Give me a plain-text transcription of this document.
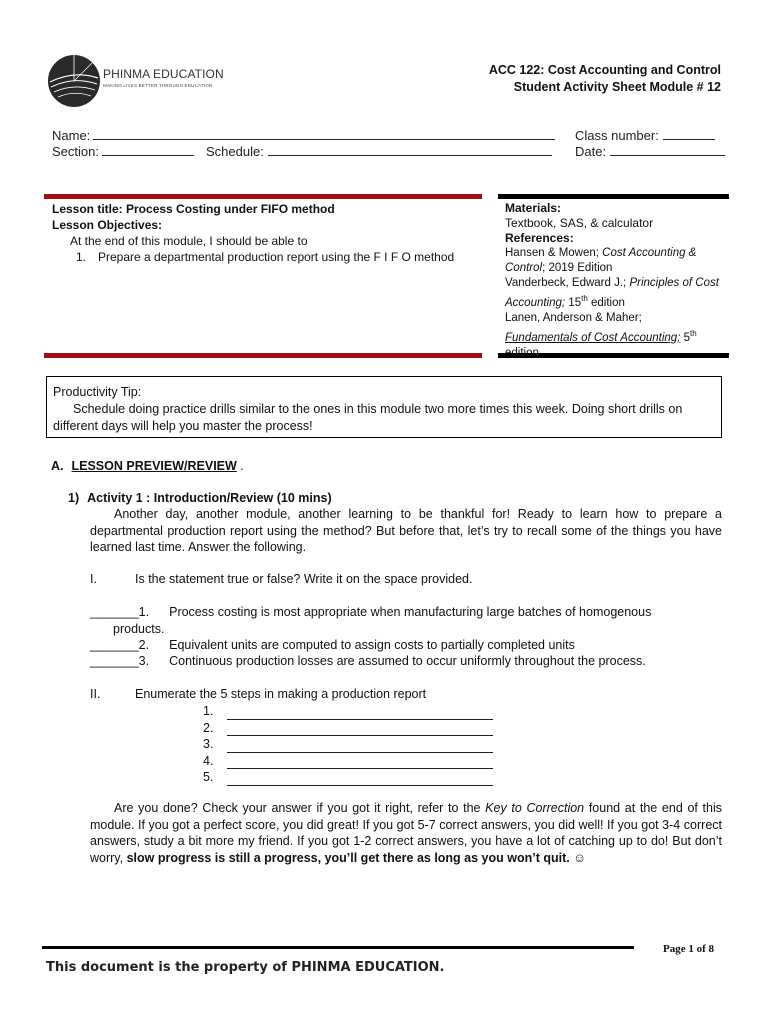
PHINMA EDUCATION
MAKING LIVES BETTER THROUGH EDUCATION
ACC 122: Cost Accounting and Control
Student Activity Sheet Module # 12
Name:	Class number:
Section:	Schedule:	Date:
Lesson title: Process Costing under FIFO method
Lesson Objectives:
At the end of this module, I should be able to
1. Prepare a departmental production report using the F I F O method
Materials:
Textbook, SAS, & calculator
References:
Hansen & Mowen; Cost Accounting & Control; 2019 Edition
Vanderbeck, Edward J.; Principles of Cost Accounting; 15th edition
Lanen, Anderson & Maher;
Fundamentals of Cost Accounting; 5th
edition
Productivity Tip:
Schedule doing practice drills similar to the ones in this module two more times this week. Doing short drills on different days will help you master the process!
A. LESSON PREVIEW/REVIEW .
1) Activity 1 : Introduction/Review (10 mins)
Another day, another module, another learning to be thankful for! Ready to learn how to prepare a departmental production report using the method? But before that, let’s try to recall some of the things you have learned last time. Answer the following.
I.	Is the statement true or false? Write it on the space provided.
_______1. Process costing is most appropriate when manufacturing large batches of homogenous
products.
_______2. Equivalent units are computed to assign costs to partially completed units
_______3. Continuous production losses are assumed to occur uniformly throughout the process.
II.	Enumerate the 5 steps in making a production report
1.
2.
3.
4.
5.
Are you done? Check your answer if you got it right, refer to the Key to Correction found at the end of this module. If you got a perfect score, you did great! If you got 5-7 correct answers, you did well! If you got 3-4 correct answers, study a bit more my friend. If you got 1-2 correct answers, you have a lot of catching up to do! But don’t worry, slow progress is still a progress, you’ll get there as long as you won’t quit. ☺
Page 1 of 8
This document is the property of PHINMA EDUCATION.
